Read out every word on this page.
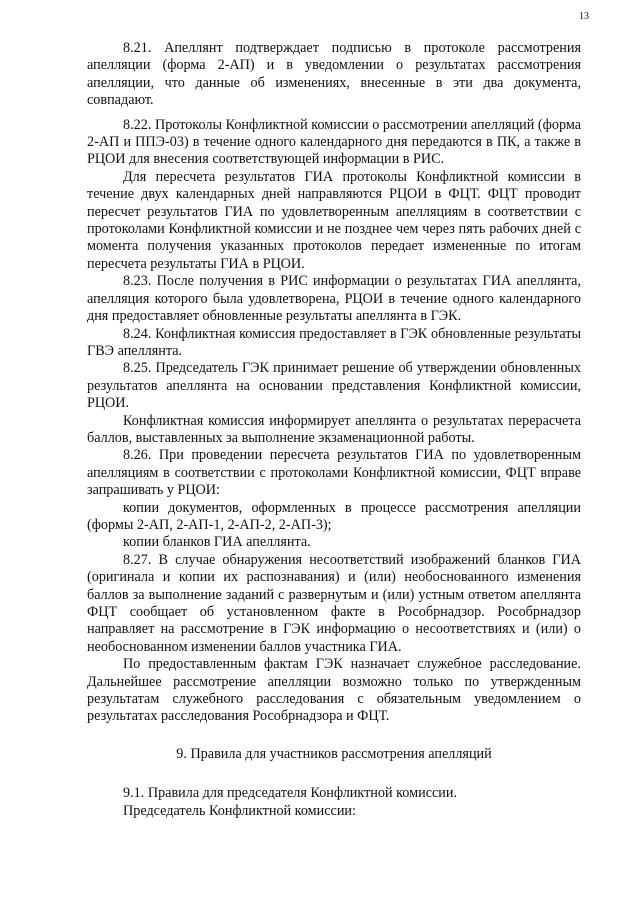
13

8.21. Апеллянт подтверждает подписью в протоколе рассмотрения апелляции (форма 2-АП) и в уведомлении о результатах рассмотрения апелляции, что данные об изменениях, внесенные в эти два документа, совпадают.

8.22. Протоколы Конфликтной комиссии о рассмотрении апелляций (форма 2-АП и ППЭ-03) в течение одного календарного дня передаются в ПК, а также в РЦОИ для внесения соответствующей информации в РИС.

Для пересчета результатов ГИА протоколы Конфликтной комиссии в течение двух календарных дней направляются РЦОИ в ФЦТ. ФЦТ проводит пересчет результатов ГИА по удовлетворенным апелляциям в соответствии с протоколами Конфликтной комиссии и не позднее чем через пять рабочих дней с момента получения указанных протоколов передает измененные по итогам пересчета результаты ГИА в РЦОИ.

8.23. После получения в РИС информации о результатах ГИА апеллянта, апелляция которого была удовлетворена, РЦОИ в течение одного календарного дня предоставляет обновленные результаты апеллянта в ГЭК.

8.24. Конфликтная комиссия предоставляет в ГЭК обновленные результаты ГВЭ апеллянта.

8.25. Председатель ГЭК принимает решение об утверждении обновленных результатов апеллянта на основании представления Конфликтной комиссии, РЦОИ.

Конфликтная комиссия информирует апеллянта о результатах перерасчета баллов, выставленных за выполнение экзаменационной работы.

8.26. При проведении пересчета результатов ГИА по удовлетворенным апелляциям в соответствии с протоколами Конфликтной комиссии, ФЦТ вправе запрашивать у РЦОИ:

копии документов, оформленных в процессе рассмотрения апелляции (формы 2-АП, 2-АП-1, 2-АП-2, 2-АП-3);

копии бланков ГИА апеллянта.

8.27. В случае обнаружения несоответствий изображений бланков ГИА (оригинала и копии их распознавания) и (или) необоснованного изменения баллов за выполнение заданий с развернутым и (или) устным ответом апеллянта ФЦТ сообщает об установленном факте в Рособрнадзор. Рособрнадзор направляет на рассмотрение в ГЭК информацию о несоответствиях и (или) о необоснованном изменении баллов участника ГИА.

По предоставленным фактам ГЭК назначает служебное расследование. Дальнейшее рассмотрение апелляции возможно только по утвержденным результатам служебного расследования с обязательным уведомлением о результатах расследования Рособрнадзора и ФЦТ.

9. Правила для участников рассмотрения апелляций

9.1. Правила для председателя Конфликтной комиссии.

Председатель Конфликтной комиссии:
